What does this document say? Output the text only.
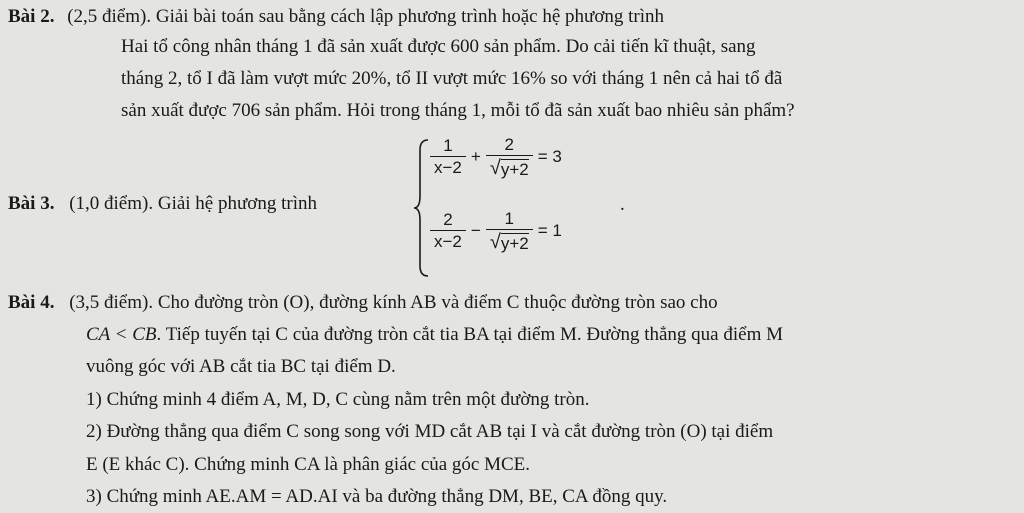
Bài 2. (2,5 điểm). Giải bài toán sau bằng cách lập phương trình hoặc hệ phương trình
Hai tổ công nhân tháng 1 đã sản xuất được 600 sản phẩm. Do cải tiến kĩ thuật, sang
tháng 2, tổ I đã làm vượt mức 20%, tổ II vượt mức 16% so với tháng 1 nên cả hai tổ đã
sản xuất được 706 sản phẩm. Hỏi trong tháng 1, mỗi tổ đã sản xuất bao nhiêu sản phẩm?
Bài 3. (1,0 điểm). Giải hệ phương trình
$\frac{1}{x-2} + \frac{2}{√ y+2} = 3$
$\frac{2}{x-2} - \frac{1}{√ y+2} = 1$
.
Bài 4. (3,5 điểm). Cho đường tròn (O), đường kính AB và điểm C thuộc đường tròn sao cho
CA < CB. Tiếp tuyến tại C của đường tròn cắt tia BA tại điểm M. Đường thẳng qua điểm M
vuông góc với AB cắt tia BC tại điểm D.
1) Chứng minh 4 điểm A, M, D, C cùng nằm trên một đường tròn.
2) Đường thẳng qua điểm C song song với MD cắt AB tại I và cắt đường tròn (O) tại điểm
E (E khác C). Chứng minh CA là phân giác của góc MCE.
3) Chứng minh AE.AM = AD.AI và ba đường thẳng DM, BE, CA đồng quy.
